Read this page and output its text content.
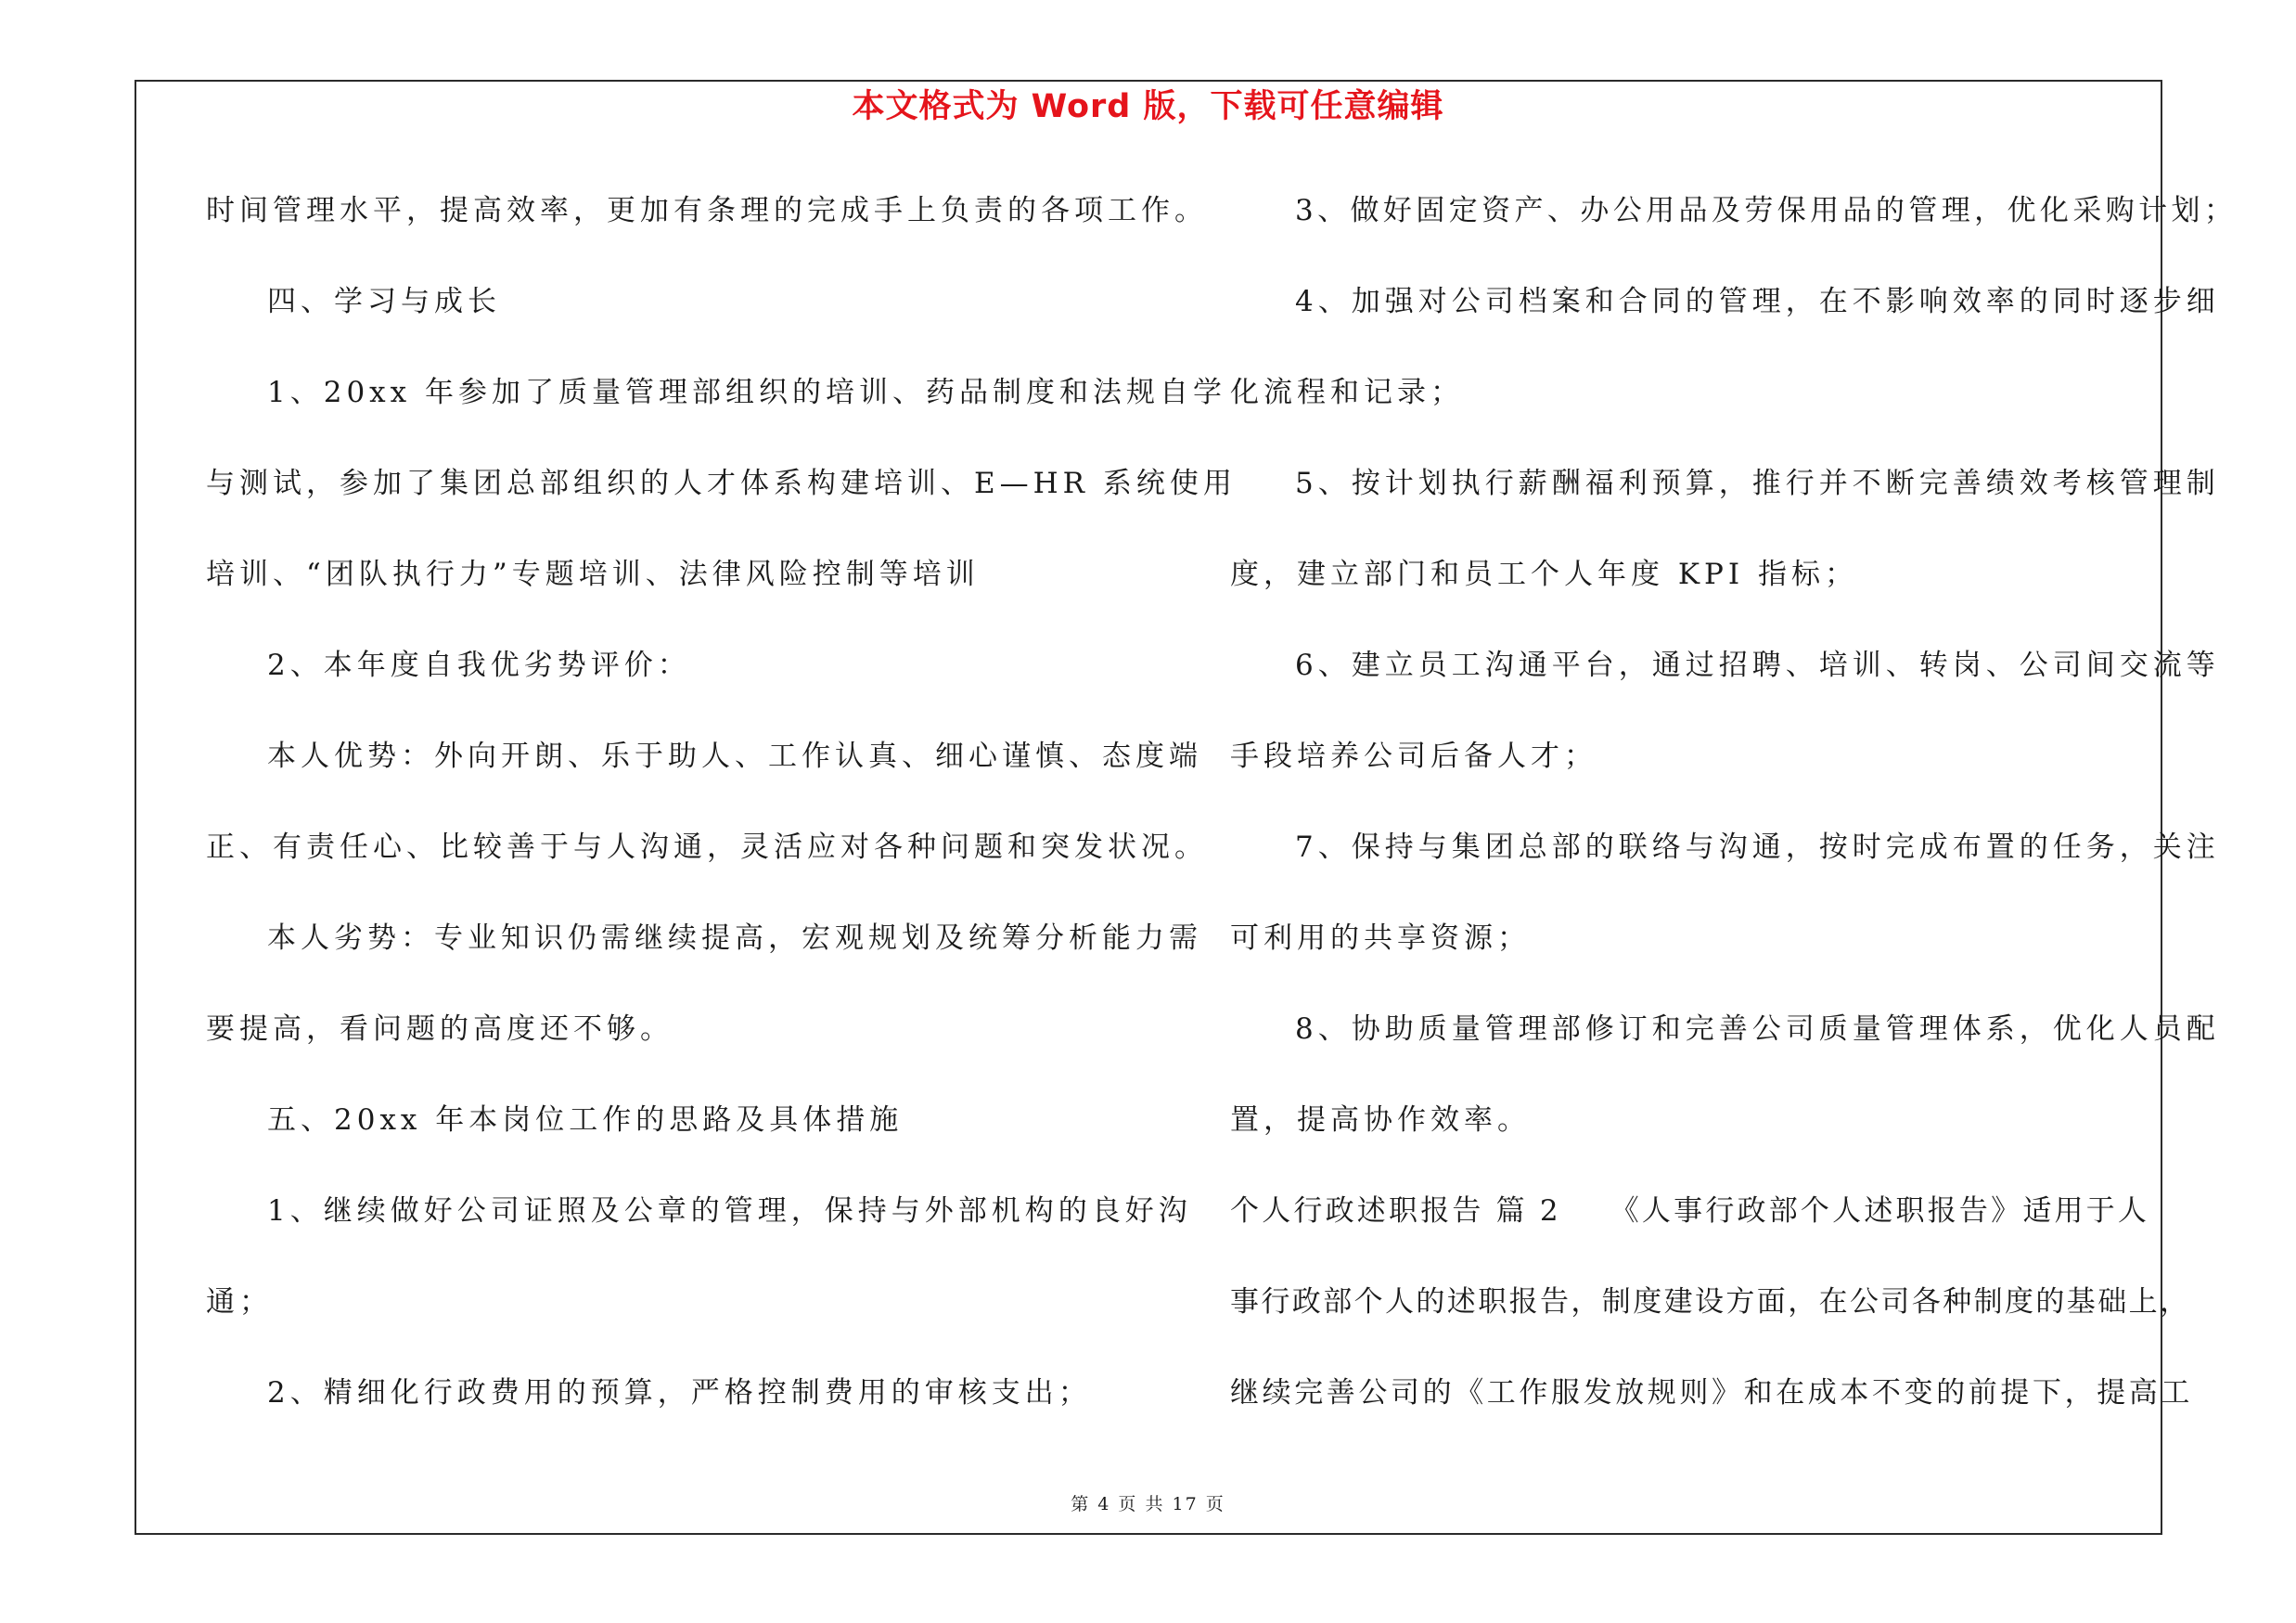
本文格式为 Word 版，下载可任意编辑
时间管理水平，提高效率，更加有条理的完成手上负责的各项工作。
四、学习与成长
1、20xx 年参加了质量管理部组织的培训、药品制度和法规自学
与测试，参加了集团总部组织的人才体系构建培训、E—HR 系统使用
培训、“团队执行力”专题培训、法律风险控制等培训
2、本年度自我优劣势评价：
本人优势：外向开朗、乐于助人、工作认真、细心谨慎、态度端
正、有责任心、比较善于与人沟通，灵活应对各种问题和突发状况。
本人劣势：专业知识仍需继续提高，宏观规划及统筹分析能力需
要提高，看问题的高度还不够。
五、20xx 年本岗位工作的思路及具体措施
1、继续做好公司证照及公章的管理，保持与外部机构的良好沟
通；
2、精细化行政费用的预算，严格控制费用的审核支出；
3、做好固定资产、办公用品及劳保用品的管理，优化采购计划；
4、加强对公司档案和合同的管理，在不影响效率的同时逐步细
化流程和记录；
5、按计划执行薪酬福利预算，推行并不断完善绩效考核管理制
度，建立部门和员工个人年度 KPI 指标；
6、建立员工沟通平台，通过招聘、培训、转岗、公司间交流等
手段培养公司后备人才；
7、保持与集团总部的联络与沟通，按时完成布置的任务，关注
可利用的共享资源；
8、协助质量管理部修订和完善公司质量管理体系，优化人员配
置，提高协作效率。
个人行政述职报告 篇 2　　《人事行政部个人述职报告》适用于人
事行政部个人的述职报告，制度建设方面，在公司各种制度的基础上，
继续完善公司的《工作服发放规则》和在成本不变的前提下，提高工
第 4 页 共 17 页
